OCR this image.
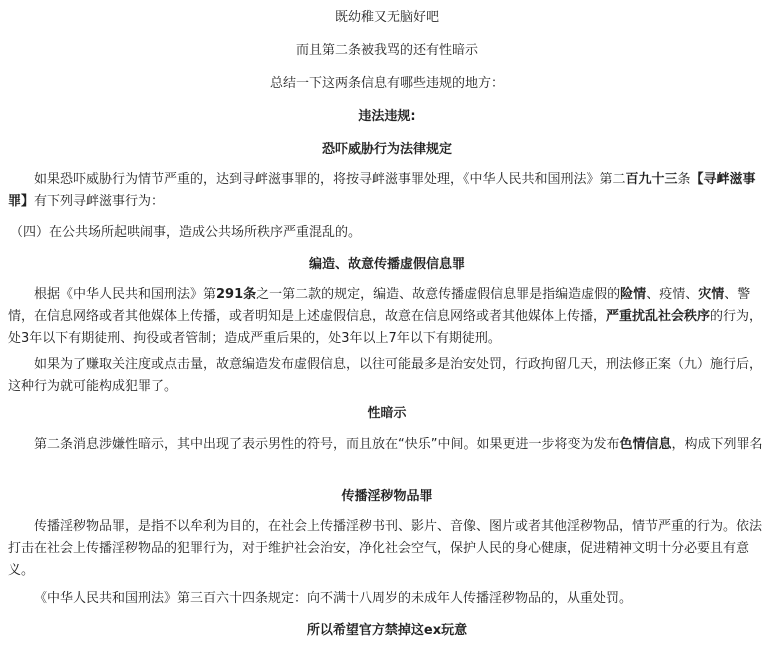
既幼稚又无脑好吧
而且第二条被我骂的还有性暗示
总结一下这两条信息有哪些违规的地方：
违法违规:
恐吓威胁行为法律规定
如果恐吓威胁行为情节严重的，达到寻衅滋事罪的，将按寻衅滋事罪处理，《中华人民共和国刑法》第二百九十三条【寻衅滋事罪】有下列寻衅滋事行为：
（四）在公共场所起哄闹事，造成公共场所秩序严重混乱的。
编造、故意传播虚假信息罪
根据《中华人民共和国刑法》第291条之一第二款的规定，编造、故意传播虚假信息罪是指编造虚假的险情、疫情、灾情、警情，在信息网络或者其他媒体上传播，或者明知是上述虚假信息，故意在信息网络或者其他媒体上传播，严重扰乱社会秩序的行为，处3年以下有期徒刑、拘役或者管制；造成严重后果的，处3年以上7年以下有期徒刑。
如果为了赚取关注度或点击量，故意编造发布虚假信息，以往可能最多是治安处罚，行政拘留几天，刑法修正案（九）施行后，这种行为就可能构成犯罪了。
性暗示
第二条消息涉嫌性暗示，其中出现了表示男性的符号，而且放在“快乐”中间。如果更进一步将变为发布色情信息，构成下列罪名
传播淫秽物品罪
传播淫秽物品罪，是指不以牟利为目的，在社会上传播淫秽书刊、影片、音像、图片或者其他淫秽物品，情节严重的行为。依法打击在社会上传播淫秽物品的犯罪行为，对于维护社会治安，净化社会空气，保护人民的身心健康，促进精神文明十分必要且有意义。
《中华人民共和国刑法》第三百六十四条规定：向不满十八周岁的未成年人传播淫秽物品的，从重处罚。
所以希望官方禁掉这ex玩意
